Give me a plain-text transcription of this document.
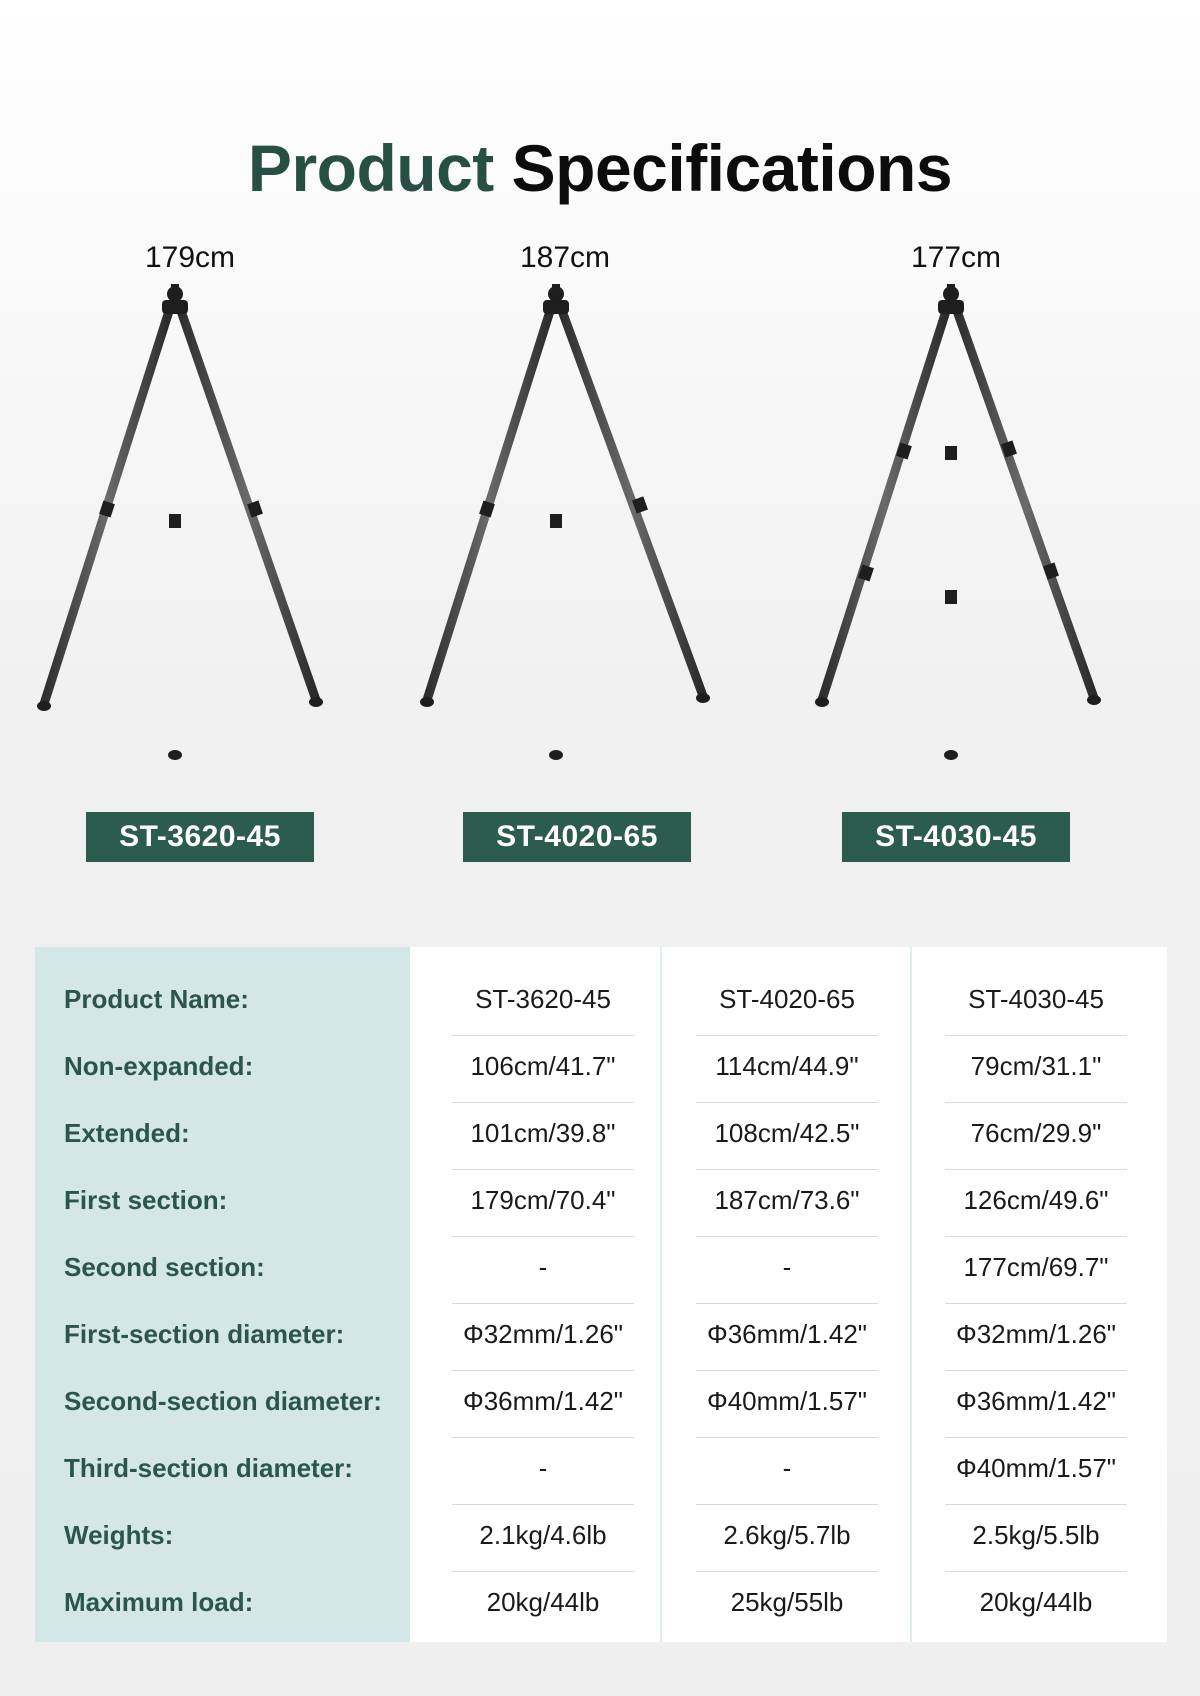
Product Specifications
179cm
ST-3620-45
187cm
ST-4020-65
177cm
ST-4030-45
Product Name:	ST-3620-45	ST-4020-65	ST-4030-45
Non-expanded:	106cm/41.7"	114cm/44.9"	79cm/31.1"
Extended:	101cm/39.8"	108cm/42.5"	76cm/29.9"
First section:	179cm/70.4"	187cm/73.6"	126cm/49.6"
Second section:	-	-	177cm/69.7"
First-section diameter:	Φ32mm/1.26"	Φ36mm/1.42"	Φ32mm/1.26"
Second-section diameter:	Φ36mm/1.42"	Φ40mm/1.57"	Φ36mm/1.42"
Third-section diameter:	-	-	Φ40mm/1.57"
Weights:	2.1kg/4.6lb	2.6kg/5.7lb	2.5kg/5.5lb
Maximum load:	20kg/44lb	25kg/55lb	20kg/44lb
